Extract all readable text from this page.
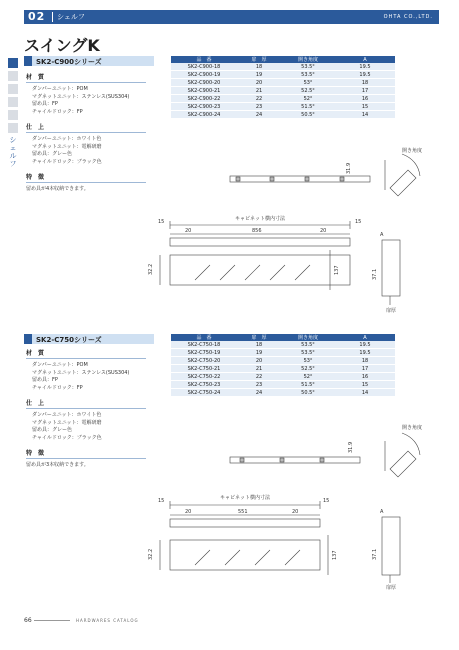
02 シェルフ	OHTA CO.,LTD.
スイングK
シェルフ
SK2-C900シリーズ
材　質
ダンパーユニット：POM
マグネットユニット：ステンレス(SUS304)
留め具：FP
チャイルドロック：FP
仕　上
ダンパーユニット：ホワイト色
マグネットユニット：電解研磨
留め具：グレー色
チャイルドロック：ブラック色
特　徴
留め具が4本収納できます。
品　番	扉　厚	開き角度	A
SK2-C900-18	18	53.5°	19.5
SK2-C900-19	19	53.5°	19.5
SK2-C900-20	20	53°	18
SK2-C900-21	21	52.5°	17
SK2-C900-22	22	52°	16
SK2-C900-23	23	51.5°	15
SK2-C900-24	24	50.5°	14
開き角度
31.9
キャビネット横内寸法
15	15
20	856	20
32.2	137	37.1
A
扉厚
SK2-C750シリーズ
材　質
ダンパーユニット：POM
マグネットユニット：ステンレス(SUS304)
留め具：FP
チャイルドロック：FP
仕　上
ダンパーユニット：ホワイト色
マグネットユニット：電解研磨
留め具：グレー色
チャイルドロック：ブラック色
特　徴
留め具が3本収納できます。
品　番	扉　厚	開き角度	A
SK2-C750-18	18	53.5°	19.5
SK2-C750-19	19	53.5°	19.5
SK2-C750-20	20	53°	18
SK2-C750-21	21	52.5°	17
SK2-C750-22	22	52°	16
SK2-C750-23	23	51.5°	15
SK2-C750-24	24	50.5°	14
開き角度
31.9
キャビネット横内寸法
15	15
20	551	20
32.2	137	37.1
A
扉厚
66	HARDWARES CATALOG
